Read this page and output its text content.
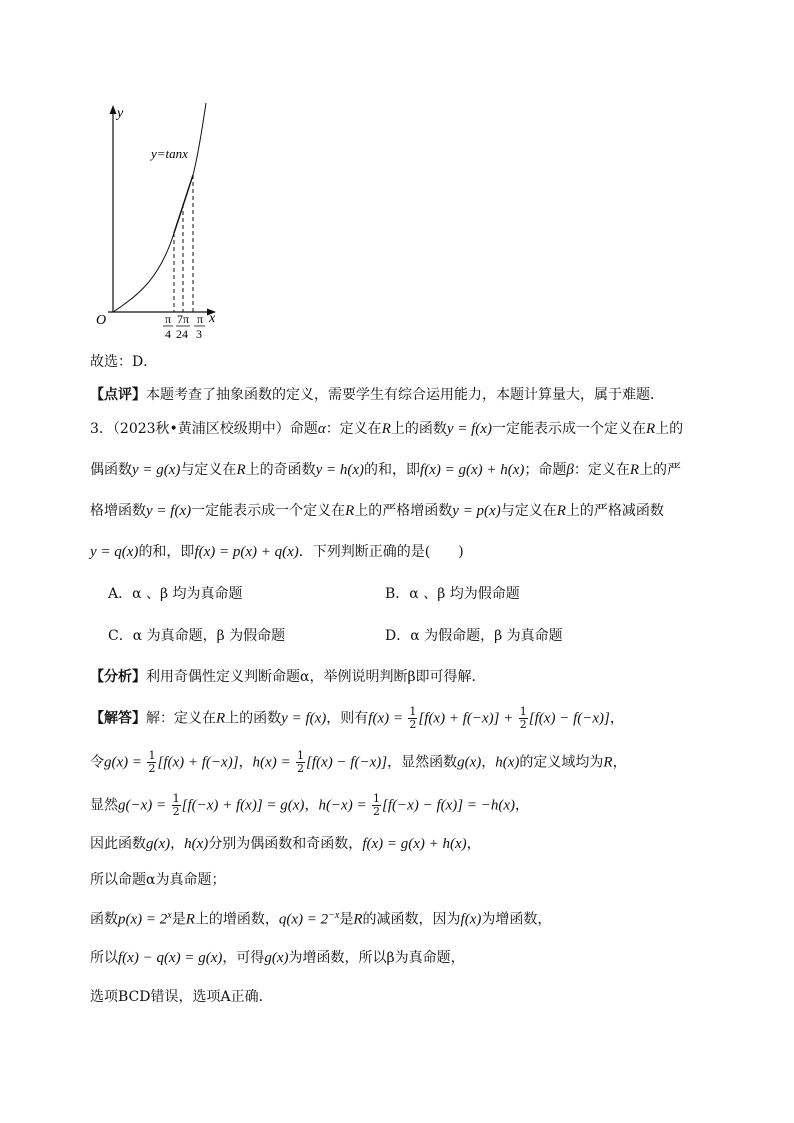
y
y=tanx
O	x
π
4
7π
24
π
3
故选：D．
【点评】本题考查了抽象函数的定义，需要学生有综合运用能力，本题计算量大，属于难题．
3．（2023秋•黄浦区校级期中）命题α：定义在R上的函数y = f(x)一定能表示成一个定义在R上的
偶函数y = g(x)与定义在R上的奇函数y = h(x)的和，即f(x) = g(x) + h(x)；命题β：定义在R上的严
格增函数y = f(x)一定能表示成一个定义在R上的严格增函数y = p(x)与定义在R上的严格减函数
y = q(x)的和，即f(x) = p(x) + q(x)．下列判断正确的是(　　)
A．α 、β 均为真命题	B．α 、β 均为假命题
C．α 为真命题，β 为假命题	D．α 为假命题，β 为真命题
【分析】利用奇偶性定义判断命题α，举例说明判断β即可得解．
【解答】解：定义在R上的函数y = f(x)，则有$f(x) = \frac{1}{2} [f(x) + f(-x)] + \frac{1}{2} [f(x) - f(-x)]$，
令$g(x) = \frac{1}{2} [f(x) + f(-x)]$，$h(x) = \frac{1}{2} [f(x) - f(-x)]$，显然函数g(x)，h(x)的定义域均为R，
显然$g(-x) = \frac{1}{2} [f(-x) + f(x)] = g(x)$，$h(-x) = \frac{1}{2} [f(-x) - f(x)] = -h(x)$，
因此函数g(x)，h(x)分别为偶函数和奇函数，f(x) = g(x) + h(x)，
所以命题α为真命题；
函数$p(x) = 2^x$是R上的增函数，$q(x) = 2^{-x}$是R的减函数，因为f(x)为增函数，
所以f(x) − q(x) = g(x)，可得g(x)为增函数，所以β为真命题，
选项BCD错误，选项A正确．
